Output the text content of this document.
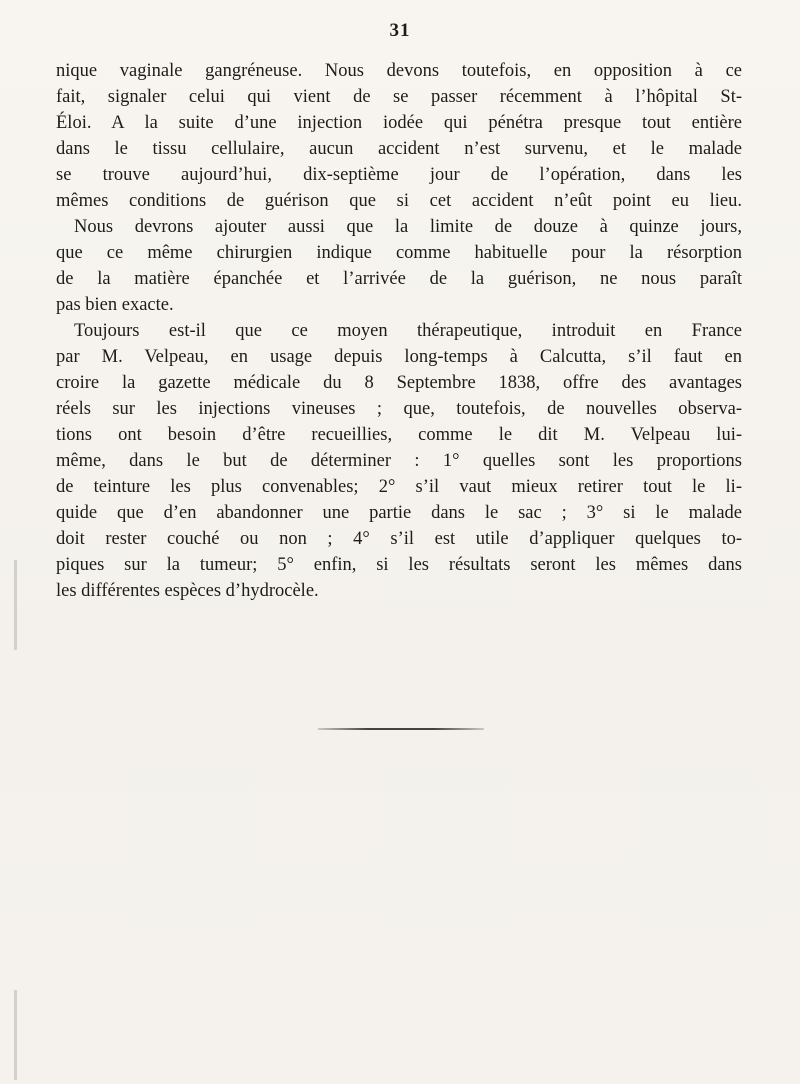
31
nique vaginale gangréneuse. Nous devons toutefois, en opposition à ce
fait, signaler celui qui vient de se passer récemment à l’hôpital St-
Éloi. A la suite d’une injection iodée qui pénétra presque tout entière
dans le tissu cellulaire, aucun accident n’est survenu, et le malade
se trouve aujourd’hui, dix-septième jour de l’opération, dans les
mêmes conditions de guérison que si cet accident n’eût point eu lieu.
Nous devrons ajouter aussi que la limite de douze à quinze jours,
que ce même chirurgien indique comme habituelle pour la résorption
de la matière épanchée et l’arrivée de la guérison, ne nous paraît
pas bien exacte.
Toujours est-il que ce moyen thérapeutique, introduit en France
par M. Velpeau, en usage depuis long-temps à Calcutta, s’il faut en
croire la gazette médicale du 8 Septembre 1838, offre des avantages
réels sur les injections vineuses ; que, toutefois, de nouvelles observa-
tions ont besoin d’être recueillies, comme le dit M. Velpeau lui-
même, dans le but de déterminer : 1° quelles sont les proportions
de teinture les plus convenables; 2° s’il vaut mieux retirer tout le li-
quide que d’en abandonner une partie dans le sac ; 3° si le malade
doit rester couché ou non ; 4° s’il est utile d’appliquer quelques to-
piques sur la tumeur; 5° enfin, si les résultats seront les mêmes dans
les différentes espèces d’hydrocèle.
